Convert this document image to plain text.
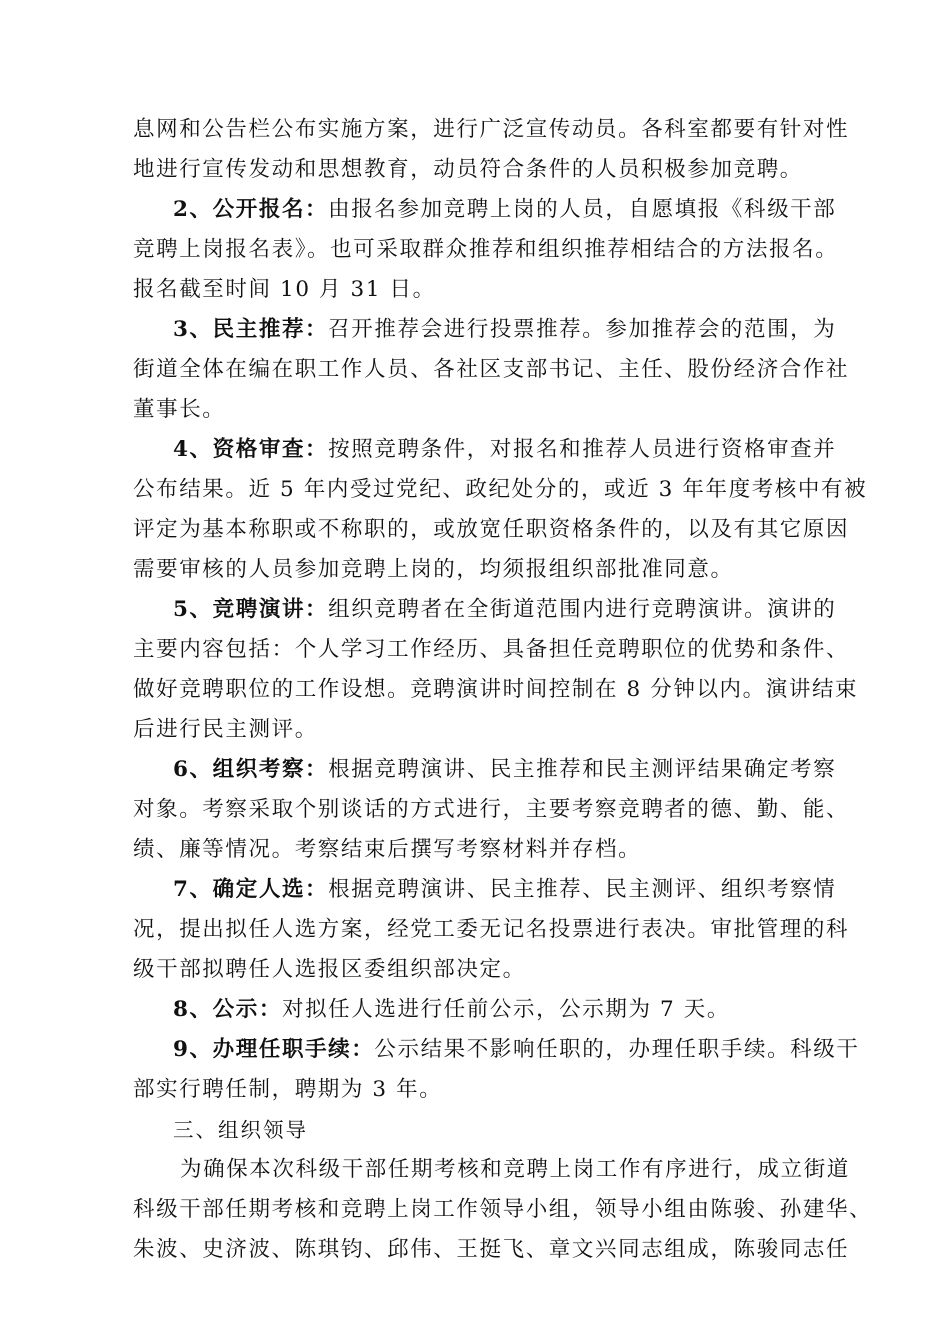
息网和公告栏公布实施方案，进行广泛宣传动员。各科室都要有针对性
地进行宣传发动和思想教育，动员符合条件的人员积极参加竞聘。
2、公开报名：由报名参加竞聘上岗的人员，自愿填报《科级干部
竞聘上岗报名表》。也可采取群众推荐和组织推荐相结合的方法报名。
报名截至时间 10 月 31 日。
3、民主推荐：召开推荐会进行投票推荐。参加推荐会的范围，为
街道全体在编在职工作人员、各社区支部书记、主任、股份经济合作社
董事长。
4、资格审查：按照竞聘条件，对报名和推荐人员进行资格审查并
公布结果。近 5 年内受过党纪、政纪处分的，或近 3 年年度考核中有被
评定为基本称职或不称职的，或放宽任职资格条件的，以及有其它原因
需要审核的人员参加竞聘上岗的，均须报组织部批准同意。
5、竞聘演讲：组织竞聘者在全街道范围内进行竞聘演讲。演讲的
主要内容包括：个人学习工作经历、具备担任竞聘职位的优势和条件、
做好竞聘职位的工作设想。竞聘演讲时间控制在 8 分钟以内。演讲结束
后进行民主测评。
6、组织考察：根据竞聘演讲、民主推荐和民主测评结果确定考察
对象。考察采取个别谈话的方式进行，主要考察竞聘者的德、勤、能、
绩、廉等情况。考察结束后撰写考察材料并存档。
7、确定人选：根据竞聘演讲、民主推荐、民主测评、组织考察情
况，提出拟任人选方案，经党工委无记名投票进行表决。审批管理的科
级干部拟聘任人选报区委组织部决定。
8、公示：对拟任人选进行任前公示，公示期为 7 天。
9、办理任职手续：公示结果不影响任职的，办理任职手续。科级干
部实行聘任制，聘期为 3 年。
三、组织领导
为确保本次科级干部任期考核和竞聘上岗工作有序进行，成立街道
科级干部任期考核和竞聘上岗工作领导小组，领导小组由陈骏、孙建华、
朱波、史济波、陈琪钧、邱伟、王挺飞、章文兴同志组成，陈骏同志任
